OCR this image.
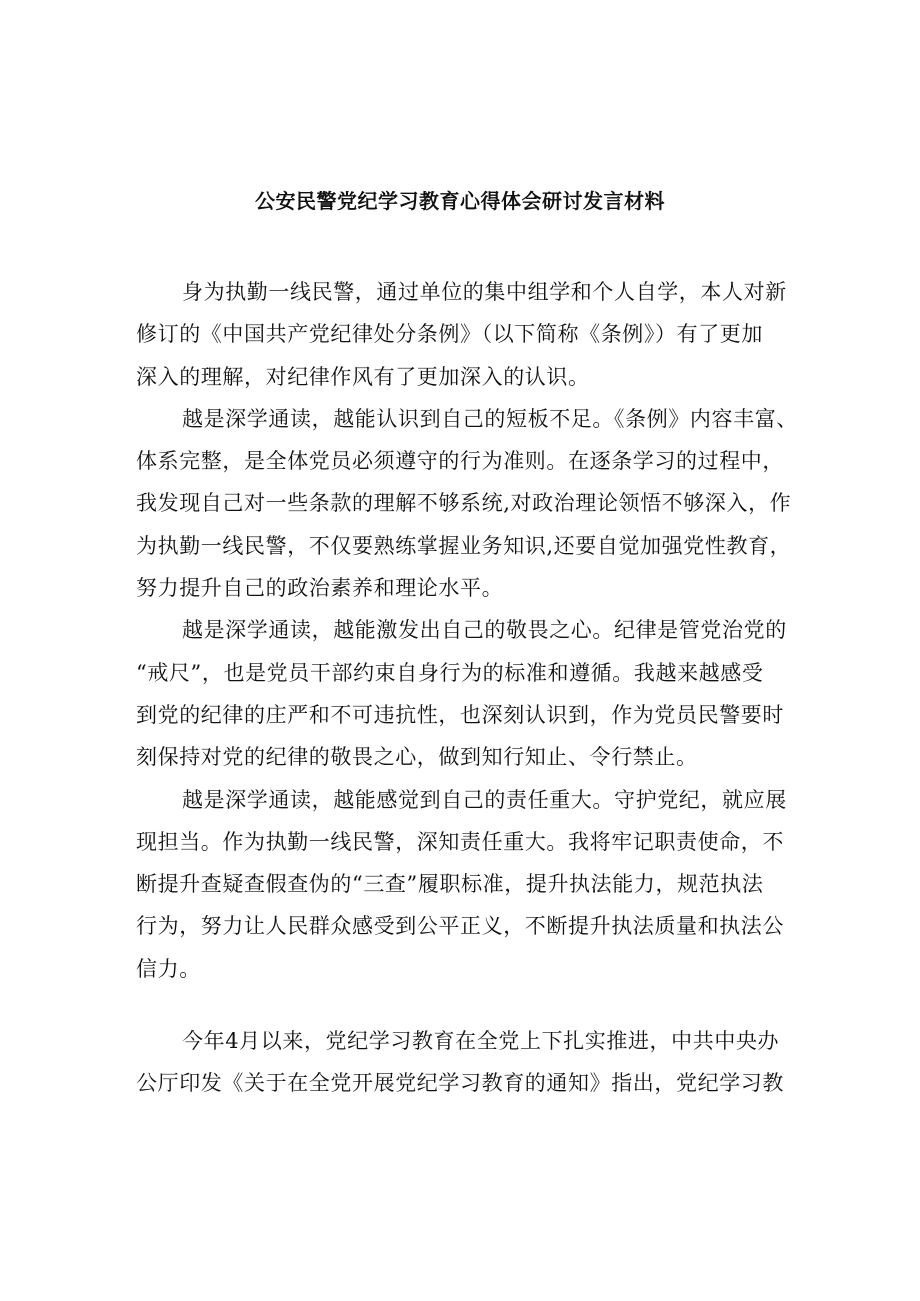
公安民警党纪学习教育心得体会研讨发言材料
身为执勤一线民警，通过单位的集中组学和个人自学，本人对新
修订的《中国共产党纪律处分条例》（以下简称《条例》）有了更加
深入的理解，对纪律作风有了更加深入的认识。
越是深学通读，越能认识到自己的短板不足。《条例》内容丰富、
体系完整，是全体党员必须遵守的行为准则。在逐条学习的过程中，
我发现自己对一些条款的理解不够系统,对政治理论领悟不够深入，作
为执勤一线民警，不仅要熟练掌握业务知识,还要自觉加强党性教育，
努力提升自己的政治素养和理论水平。
越是深学通读，越能激发出自己的敬畏之心。纪律是管党治党的
“戒尺”，也是党员干部约束自身行为的标准和遵循。我越来越感受
到党的纪律的庄严和不可违抗性，也深刻认识到，作为党员民警要时
刻保持对党的纪律的敬畏之心，做到知行知止、令行禁止。
越是深学通读，越能感觉到自己的责任重大。守护党纪，就应展
现担当。作为执勤一线民警，深知责任重大。我将牢记职责使命，不
断提升查疑查假查伪的“三查”履职标准，提升执法能力，规范执法
行为，努力让人民群众感受到公平正义，不断提升执法质量和执法公
信力。
今年4月以来，党纪学习教育在全党上下扎实推进，中共中央办
公厅印发《关于在全党开展党纪学习教育的通知》指出，党纪学习教
